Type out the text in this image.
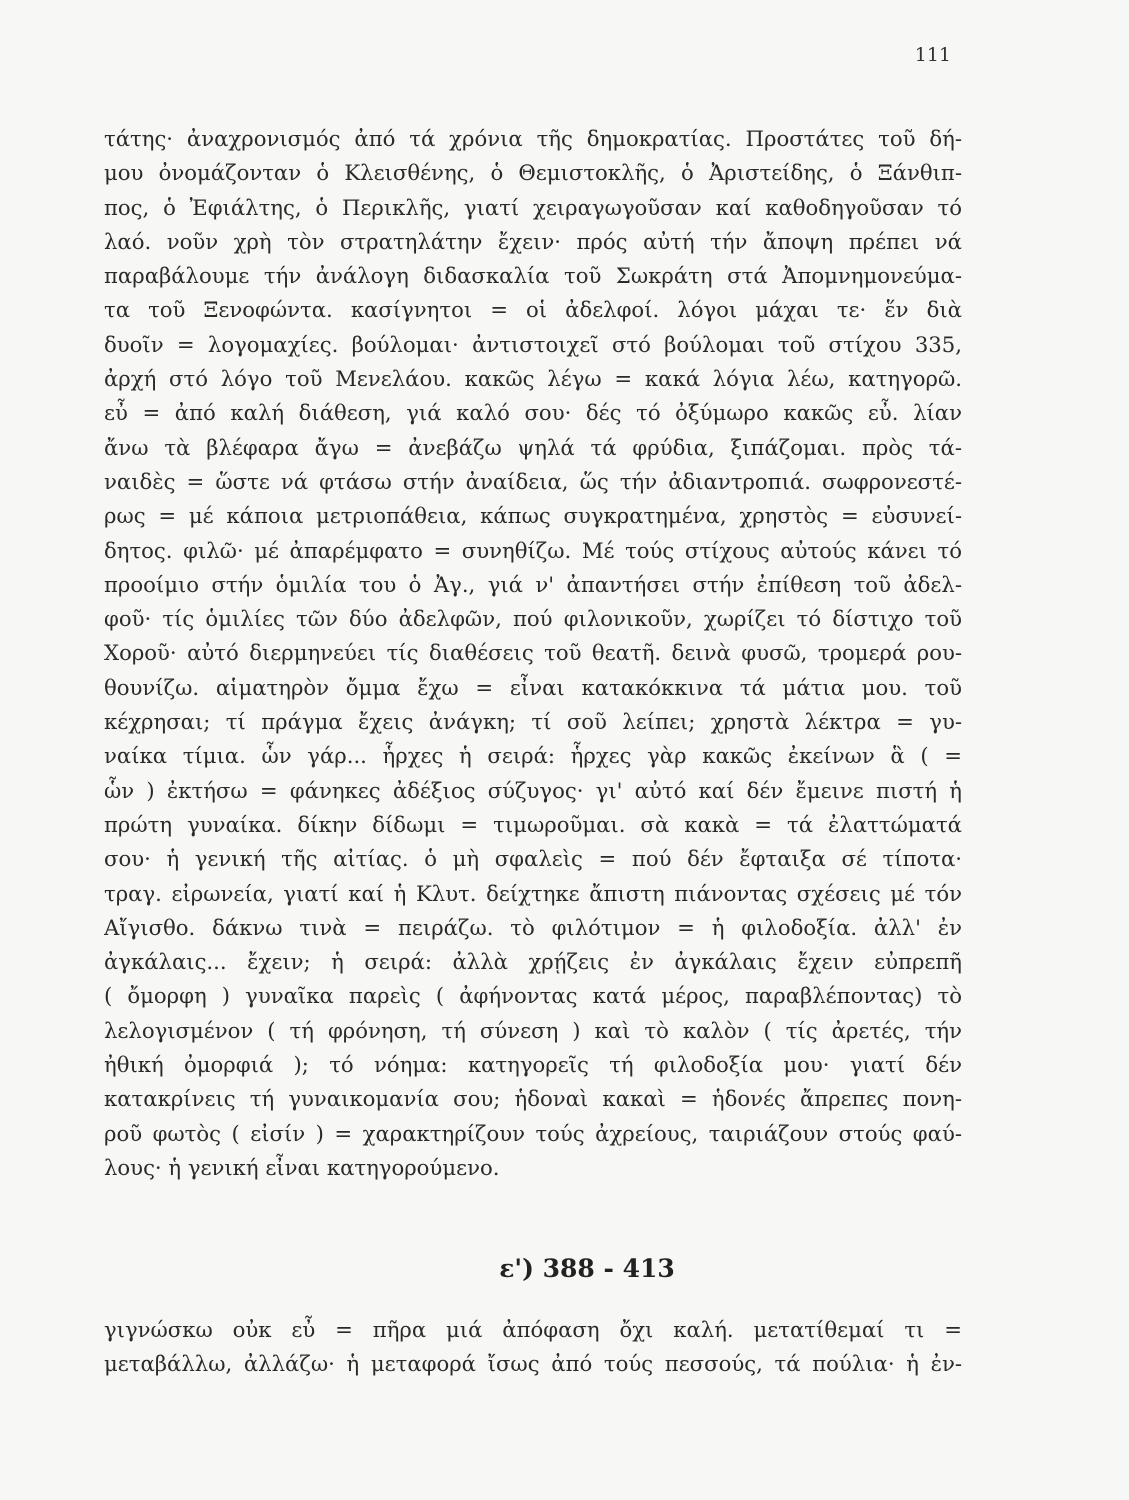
111
τάτης· ἀναχρονισμός ἀπό τά χρόνια τῆς δημοκρατίας. Προστάτες τοῦ δή-
μου ὀνομάζονταν ὁ Κλεισθένης, ὁ Θεμιστοκλῆς, ὁ Ἀριστείδης, ὁ Ξάνθιπ-
πος, ὁ Ἐφιάλτης, ὁ Περικλῆς, γιατί χειραγωγοῦσαν καί καθοδηγοῦσαν τό
λαό. νοῦν χρὴ τὸν στρατηλάτην ἔχειν· πρός αὐτή τήν ἄποψη πρέπει νά
παραβάλουμε τήν ἀνάλογη διδασκαλία τοῦ Σωκράτη στά Ἀπομνημονεύμα-
τα τοῦ Ξενοφώντα. κασίγνητοι = οἱ ἀδελφοί. λόγοι μάχαι τε· ἕν διὰ
δυοῖν = λογομαχίες. βούλομαι· ἀντιστοιχεῖ στό βούλομαι τοῦ στίχου 335,
ἀρχή στό λόγο τοῦ Μενελάου. κακῶς λέγω = κακά λόγια λέω, κατηγορῶ.
εὖ = ἀπό καλή διάθεση, γιά καλό σου· δές τό ὀξύμωρο κακῶς εὖ. λίαν
ἄνω τὰ βλέφαρα ἄγω = ἀνεβάζω ψηλά τά φρύδια, ξιπάζομαι. πρὸς τά-
ναιδὲς = ὥστε νά φτάσω στήν ἀναίδεια, ὥς τήν ἀδιαντροπιά. σωφρονεστέ-
ρως = μέ κάποια μετριοπάθεια, κάπως συγκρατημένα, χρηστὸς = εὐσυνεί-
δητος. φιλῶ· μέ ἀπαρέμφατο = συνηθίζω. Μέ τούς στίχους αὐτούς κάνει τό
προοίμιο στήν ὁμιλία του ὁ Ἀγ., γιά ν' ἀπαντήσει στήν ἐπίθεση τοῦ ἀδελ-
φοῦ· τίς ὁμιλίες τῶν δύο ἀδελφῶν, πού φιλονικοῦν, χωρίζει τό δίστιχο τοῦ
Χοροῦ· αὐτό διερμηνεύει τίς διαθέσεις τοῦ θεατῆ. δεινὰ φυσῶ, τρομερά ρου-
θουνίζω. αἱματηρὸν ὄμμα ἔχω = εἶναι κατακόκκινα τά μάτια μου. τοῦ
κέχρησαι; τί πράγμα ἔχεις ἀνάγκη; τί σοῦ λείπει; χρηστὰ λέκτρα = γυ-
ναίκα τίμια. ὧν γάρ... ἧρχες ἡ σειρά: ἧρχες γὰρ κακῶς ἐκείνων ἃ ( =
ὧν ) ἐκτήσω = φάνηκες ἀδέξιος σύζυγος· γι' αὐτό καί δέν ἔμεινε πιστή ἡ
πρώτη γυναίκα. δίκην δίδωμι = τιμωροῦμαι. σὰ κακὰ = τά ἐλαττώματά
σου· ἡ γενική τῆς αἰτίας. ὁ μὴ σφαλεὶς = πού δέν ἔφταιξα σέ τίποτα·
τραγ. εἰρωνεία, γιατί καί ἡ Κλυτ. δείχτηκε ἄπιστη πιάνοντας σχέσεις μέ τόν
Αἴγισθο. δάκνω τινὰ = πειράζω. τὸ φιλότιμον = ἡ φιλοδοξία. ἀλλ' ἐν
ἀγκάλαις... ἔχειν; ἡ σειρά: ἀλλὰ χρῄζεις ἐν ἀγκάλαις ἔχειν εὐπρεπῆ
( ὄμορφη ) γυναῖκα παρεὶς ( ἀφήνοντας κατά μέρος, παραβλέποντας) τὸ
λελογισμένον ( τή φρόνηση, τή σύνεση ) καὶ τὸ καλὸν ( τίς ἀρετές, τήν
ἠθική ὀμορφιά ); τό νόημα: κατηγορεῖς τή φιλοδοξία μου· γιατί δέν
κατακρίνεις τή γυναικομανία σου; ἡδοναὶ κακαὶ = ἡδονές ἄπρεπες πονη-
ροῦ φωτὸς ( εἰσίν ) = χαρακτηρίζουν τούς ἀχρείους, ταιριάζουν στούς φαύ-
λους· ἡ γενική εἶναι κατηγορούμενο.
ε') 388 - 413
γιγνώσκω οὐκ εὖ = πῆρα μιά ἀπόφαση ὄχι καλή. μετατίθεμαί τι =
μεταβάλλω, ἀλλάζω· ἡ μεταφορά ἴσως ἀπό τούς πεσσούς, τά πούλια· ἡ ἐν-
